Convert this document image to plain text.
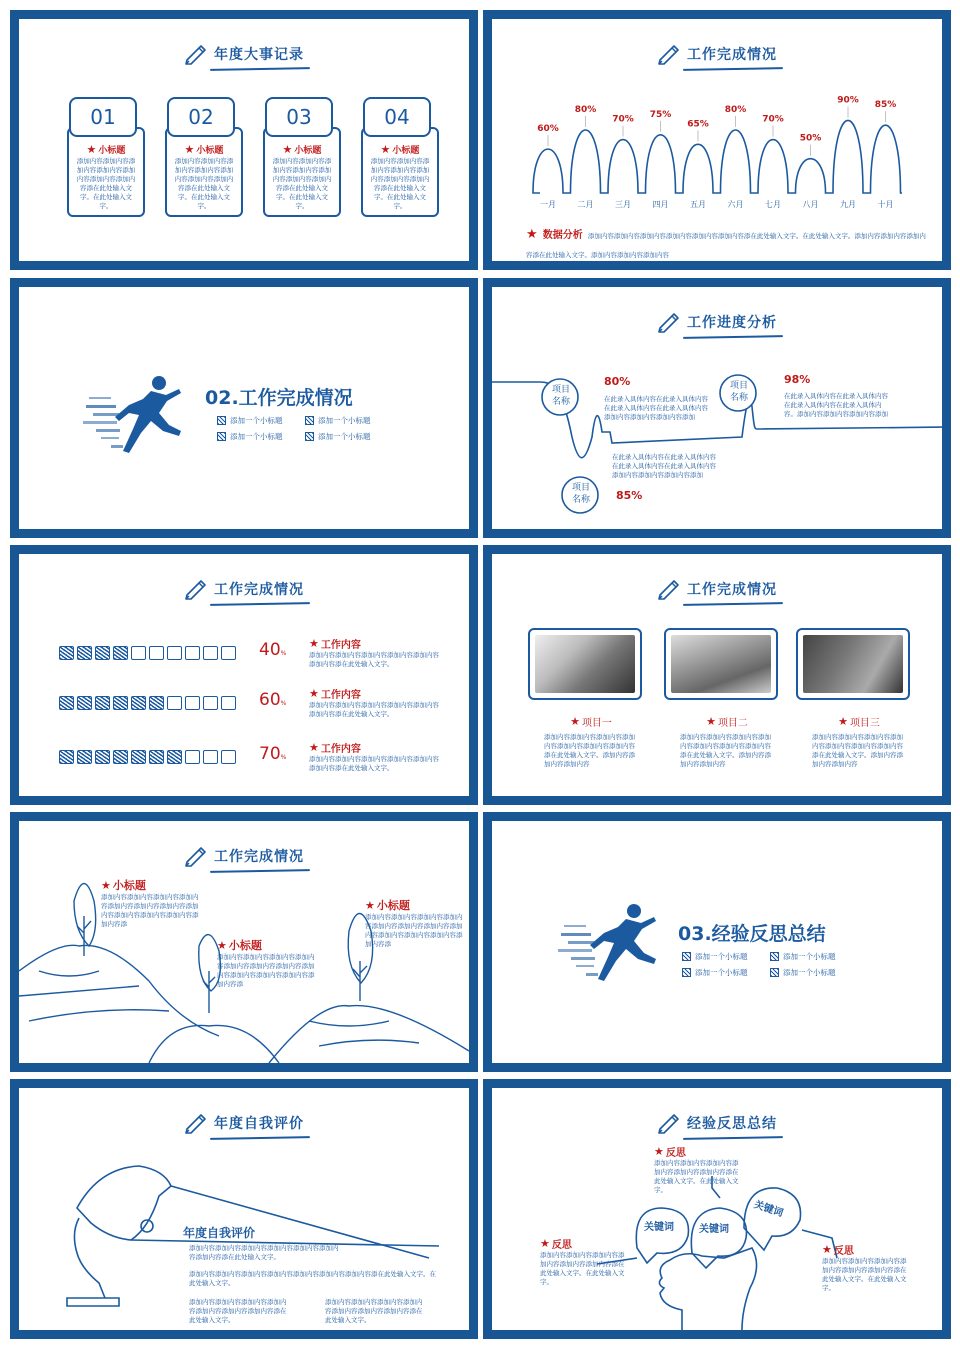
年度大事记录
★ 小标题
添加内容添加内容添加内容添加内容添加内容添加内容添加内容添在此处输入文字。在此处输入文字。
01
★ 小标题
添加内容添加内容添加内容添加内容添加内容添加内容添加内容添在此处输入文字。在此处输入文字。
02
★ 小标题
添加内容添加内容添加内容添加内容添加内容添加内容添加内容添在此处输入文字。在此处输入文字。
03
★ 小标题
添加内容添加内容添加内容添加内容添加内容添加内容添加内容添在此处输入文字。在此处输入文字。
04
工作完成情况
60%
一月
80%
二月
70%
三月
75%
四月
65%
五月
80%
六月
70%
七月
50%
八月
90%
九月
85%
十月
★ 数据分析 添加内容添加内容添加内容添加内容添加内容添加内容添在此处输入文字。在此处输入文字。添加内容添加内容添加内容添在此处输入文字。添加内容添加内容添加内容
02.工作完成情况
添加一个小标题	添加一个小标题
添加一个小标题	添加一个小标题
工作进度分析
项目
名称
项目
名称
项目
名称
80%
在此录入具体内容在此录入具体内容在此录入具体内容在此录入具体内容添加内容添加内容添加内容添加
在此录入具体内容在此录入具体内容在此录入具体内容在此录入具体内容添加内容添加内容添加内容添加
85%
98%
在此录入具体内容在此录入具体内容在此录入具体内容在此录入具体内容。添加内容添加内容添加内容添加
工作完成情况
40%
★ 工作内容
添加内容添加内容添加内容添加内容添加内容添加内容添在此处输入文字。
60%
★ 工作内容
添加内容添加内容添加内容添加内容添加内容添加内容添在此处输入文字。
70%
★ 工作内容
添加内容添加内容添加内容添加内容添加内容添加内容添在此处输入文字。
工作完成情况
★ 项目一
添加内容添加内容添加内容添加内容添加内容添加内容添加内容添在此处输入文字。添加内容添加内容添加内容
★ 项目二
添加内容添加内容添加内容添加内容添加内容添加内容添加内容添在此处输入文字。添加内容添加内容添加内容
★ 项目三
添加内容添加内容添加内容添加内容添加内容添加内容添加内容添在此处输入文字。添加内容添加内容添加内容
工作完成情况
★ 小标题
添加内容添加内容添加内容添加内容添加内容添加内容添加内容添加内容添加内容添加内容添加内容添加内容添
★ 小标题
添加内容添加内容添加内容添加内容添加内容添加内容添加内容添加内容添加内容添加内容添加内容添加内容添
★ 小标题
添加内容添加内容添加内容添加内容添加内容添加内容添加内容添加内容添加内容添加内容添加内容添加内容添	03.经验反思总结
添加一个小标题	添加一个小标题
添加一个小标题	添加一个小标题
年度自我评价
年度自我评价
添加内容添加内容添加内容添加内容添加内容添加内容添加内容添在此处输入文字。
添加内容添加内容添加内容添加内容添加内容添加内容添加内容添在此处输入文字。在此处输入文字。
添加内容添加内容添加内容添加内容添加内容添加内容添加内容添在此处输入文字。
添加内容添加内容添加内容添加内容添加内容添加内容添加内容添在此处输入文字。
经验反思总结
关键词	关键词
关键词
★ 反思
添加内容添加内容添加内容添加内容添加内容添加内容添在此处输入文字。在此处输入文字。
★ 反思
添加内容添加内容添加内容添加内容添加内容添加内容添在此处输入文字。在此处输入文字。
★ 反思
添加内容添加内容添加内容添加内容添加内容添加内容添在此处输入文字。在此处输入文字。
